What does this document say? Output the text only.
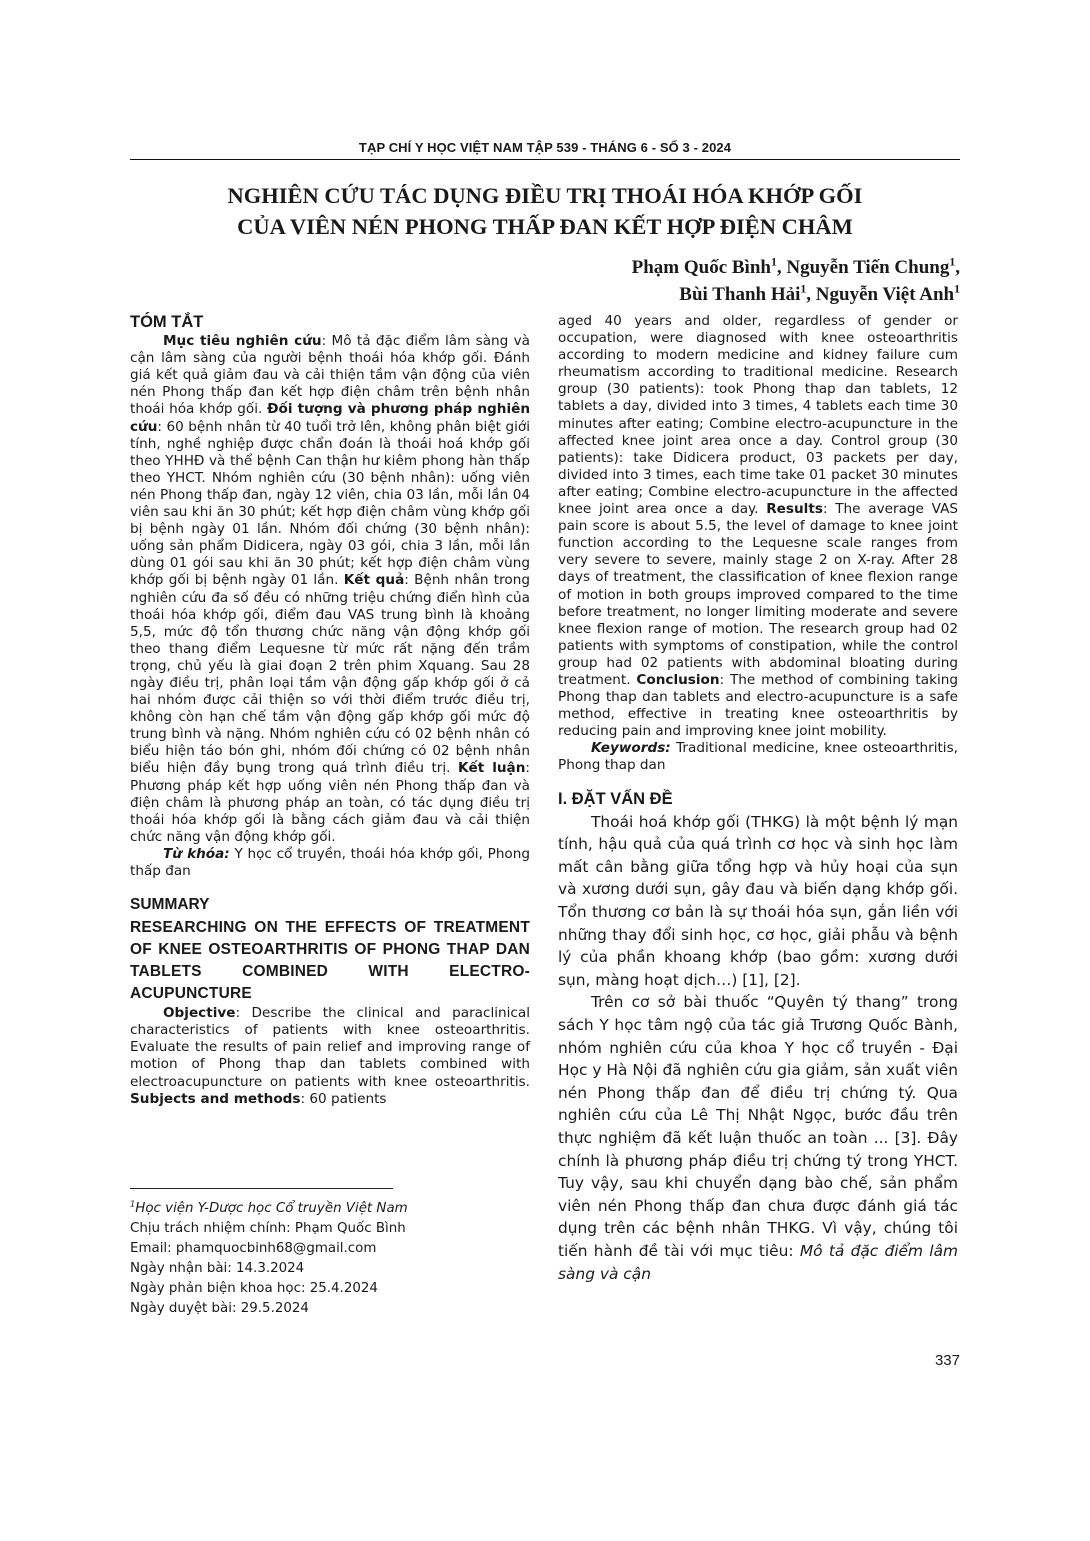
TẠP CHÍ Y HỌC VIỆT NAM TẬP 539 - THÁNG 6 - SỐ 3 - 2024
NGHIÊN CỨU TÁC DỤNG ĐIỀU TRỊ THOÁI HÓA KHỚP GỐI
CỦA VIÊN NÉN PHONG THẤP ĐAN KẾT HỢP ĐIỆN CHÂM
Phạm Quốc Bình$^1$, Nguyễn Tiến Chung$^1$,
Bùi Thanh Hải$^1$, Nguyễn Việt Anh$^1$

TÓM TẮT

Mục tiêu nghiên cứu: Mô tả đặc điểm lâm sàng và cận lâm sàng của người bệnh thoái hóa khớp gối. Đánh giá kết quả giảm đau và cải thiện tầm vận động của viên nén Phong thấp đan kết hợp điện châm trên bệnh nhân thoái hóa khớp gối. Đối tượng và phương pháp nghiên cứu: 60 bệnh nhân từ 40 tuổi trở lên, không phân biệt giới tính, nghề nghiệp được chẩn đoán là thoái hoá khớp gối theo YHHĐ và thể bệnh Can thận hư kiêm phong hàn thấp theo YHCT. Nhóm nghiên cứu (30 bệnh nhân): uống viên nén Phong thấp đan, ngày 12 viên, chia 03 lần, mỗi lần 04 viên sau khi ăn 30 phút; kết hợp điện châm vùng khớp gối bị bệnh ngày 01 lần. Nhóm đối chứng (30 bệnh nhân): uống sản phẩm Didicera, ngày 03 gói, chia 3 lần, mỗi lần dùng 01 gói sau khi ăn 30 phút; kết hợp điện châm vùng khớp gối bị bệnh ngày 01 lần. Kết quả: Bệnh nhân trong nghiên cứu đa số đều có những triệu chứng điển hình của thoái hóa khớp gối, điểm đau VAS trung bình là khoảng 5,5, mức độ tổn thương chức năng vận động khớp gối theo thang điểm Lequesne từ mức rất nặng đến trầm trọng, chủ yếu là giai đoạn 2 trên phim Xquang. Sau 28 ngày điều trị, phân loại tầm vận động gấp khớp gối ở cả hai nhóm được cải thiện so với thời điểm trước điều trị, không còn hạn chế tầm vận động gấp khớp gối mức độ trung bình và nặng. Nhóm nghiên cứu có 02 bệnh nhân có biểu hiện táo bón ghi, nhóm đối chứng có 02 bệnh nhân biểu hiện đầy bụng trong quá trình điều trị. Kết luận: Phương pháp kết hợp uống viên nén Phong thấp đan và điện châm là phương pháp an toàn, có tác dụng điều trị thoái hóa khớp gối là bằng cách giảm đau và cải thiện chức năng vận động khớp gối.

Từ khóa: Y học cổ truyền, thoái hóa khớp gối, Phong thấp đan

SUMMARY

RESEARCHING ON THE EFFECTS OF TREATMENT OF KNEE OSTEOARTHRITIS OF PHONG THAP DAN TABLETS COMBINED WITH ELECTRO-ACUPUNCTURE

Objective: Describe the clinical and paraclinical characteristics of patients with knee osteoarthritis. Evaluate the results of pain relief and improving range of motion of Phong thap dan tablets combined with electroacupuncture on patients with knee osteoarthritis. Subjects and methods: 60 patients

$^1$Học viện Y-Dược học Cổ truyền Việt Nam
Chịu trách nhiệm chính: Phạm Quốc Bình
Email: phamquocbinh68@gmail.com
Ngày nhận bài: 14.3.2024
Ngày phản biện khoa học: 25.4.2024
Ngày duyệt bài: 29.5.2024

aged 40 years and older, regardless of gender or occupation, were diagnosed with knee osteoarthritis according to modern medicine and kidney failure cum rheumatism according to traditional medicine. Research group (30 patients): took Phong thap dan tablets, 12 tablets a day, divided into 3 times, 4 tablets each time 30 minutes after eating; Combine electro-acupuncture in the affected knee joint area once a day. Control group (30 patients): take Didicera product, 03 packets per day, divided into 3 times, each time take 01 packet 30 minutes after eating; Combine electro-acupuncture in the affected knee joint area once a day. Results: The average VAS pain score is about 5.5, the level of damage to knee joint function according to the Lequesne scale ranges from very severe to severe, mainly stage 2 on X-ray. After 28 days of treatment, the classification of knee flexion range of motion in both groups improved compared to the time before treatment, no longer limiting moderate and severe knee flexion range of motion. The research group had 02 patients with symptoms of constipation, while the control group had 02 patients with abdominal bloating during treatment. Conclusion: The method of combining taking Phong thap dan tablets and electro-acupuncture is a safe method, effective in treating knee osteoarthritis by reducing pain and improving knee joint mobility.

Keywords: Traditional medicine, knee osteoarthritis, Phong thap dan

I. ĐẶT VẤN ĐỀ

Thoái hoá khớp gối (THKG) là một bệnh lý mạn tính, hậu quả của quá trình cơ học và sinh học làm mất cân bằng giữa tổng hợp và hủy hoại của sụn và xương dưới sụn, gây đau và biến dạng khớp gối. Tổn thương cơ bản là sự thoái hóa sụn, gắn liền với những thay đổi sinh học, cơ học, giải phẫu và bệnh lý của phần khoang khớp (bao gồm: xương dưới sụn, màng hoạt dịch…) [1], [2].

Trên cơ sở bài thuốc “Quyên tý thang” trong sách Y học tâm ngộ của tác giả Trương Quốc Bành, nhóm nghiên cứu của khoa Y học cổ truyền - Đại Học y Hà Nội đã nghiên cứu gia giảm, sản xuất viên nén Phong thấp đan để điều trị chứng tý. Qua nghiên cứu của Lê Thị Nhật Ngọc, bước đầu trên thực nghiệm đã kết luận thuốc an toàn ... [3]. Đây chính là phương pháp điều trị chứng tý trong YHCT. Tuy vậy, sau khi chuyển dạng bào chế, sản phẩm viên nén Phong thấp đan chưa được đánh giá tác dụng trên các bệnh nhân THKG. Vì vậy, chúng tôi tiến hành đề tài với mục tiêu: Mô tả đặc điểm lâm sàng và cận

337
